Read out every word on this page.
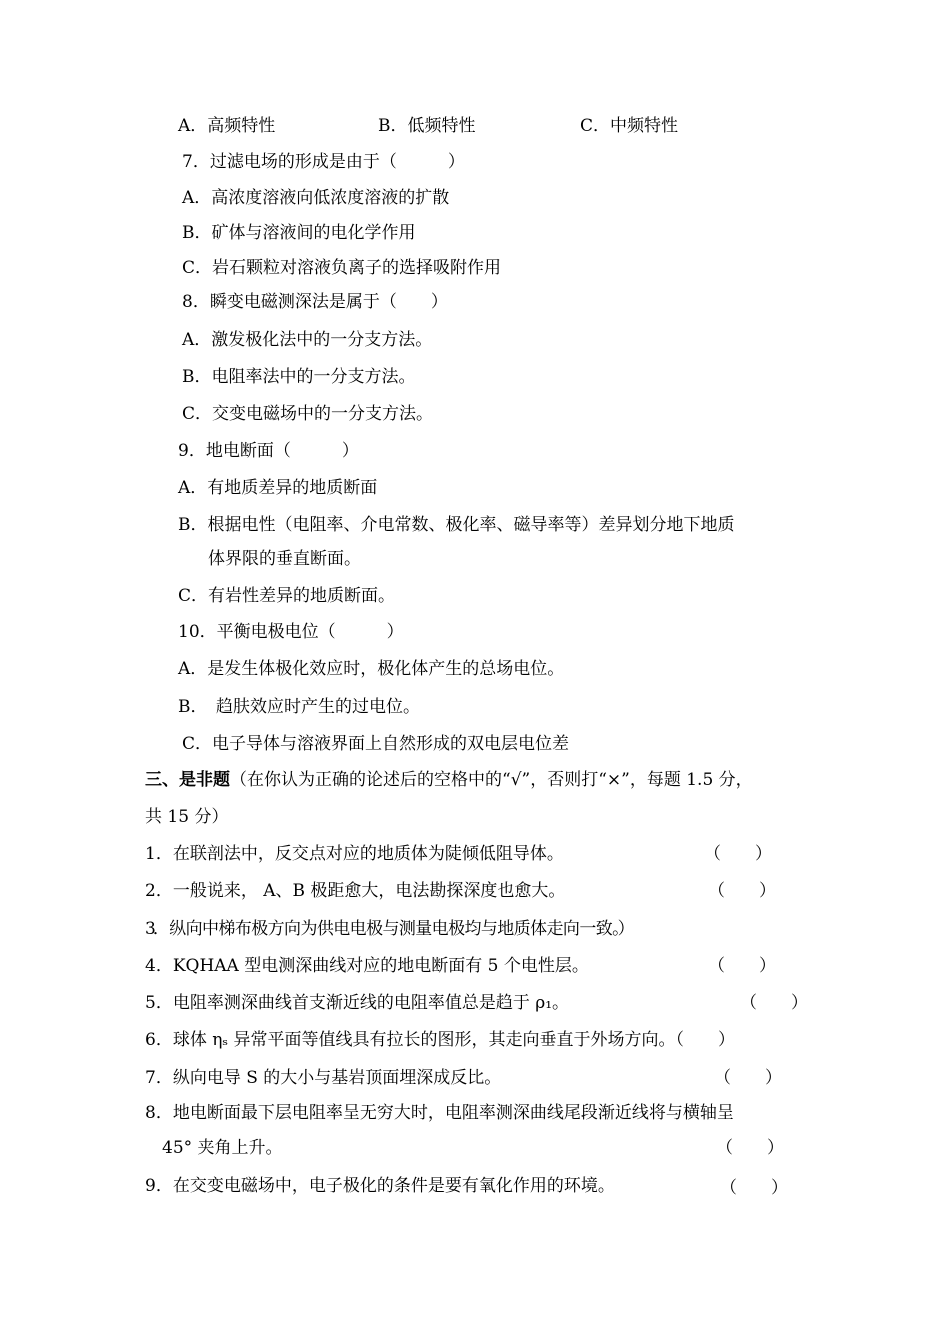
A．高频特性	B．低频特性	C．中频特性
7．过滤电场的形成是由于（　　　）
A．高浓度溶液向低浓度溶液的扩散
B．矿体与溶液间的电化学作用
C．岩石颗粒对溶液负离子的选择吸附作用
8．瞬变电磁测深法是属于（　　）
A．激发极化法中的一分支方法。
B．电阻率法中的一分支方法。
C．交变电磁场中的一分支方法。
9．地电断面（　　　）
A．有地质差异的地质断面
B．根据电性（电阻率、介电常数、极化率、磁导率等）差异划分地下地质
体界限的垂直断面。
C．有岩性差异的地质断面。
10．平衡电极电位（　　　）
A．是发生体极化效应时，极化体产生的总场电位。
B．　趋肤效应时产生的过电位。
C．电子导体与溶液界面上自然形成的双电层电位差
三、是非题（在你认为正确的论述后的空格中的“√”，否则打“×”，每题 1.5 分，
共 15 分）
1．在联剖法中，反交点对应的地质体为陡倾低阻导体。	（　　）
2．一般说来， A、B 极距愈大，电法勘探深度也愈大。	（　　）
3． 纵 向 中 梯 布 极 方 向 为 供 电 电 极 与 测 量 电 极 均 与 地 质 体 走 向 一 致 。）
4．KQHAA 型电测深曲线对应的地电断面有 5 个电性层。	（　　）
5．电阻率测深曲线首支渐近线的电阻率值总是趋于 ρ₁。	（　　）
6．球体 ηₛ 异常平面等值线具有拉长的图形，其走向垂直于外场方向。（　　）
7．纵向电导 S 的大小与基岩顶面埋深成反比。	（　　）
8．地电断面最下层电阻率呈无穷大时，电阻率测深曲线尾段渐近线将与横轴呈
45° 夹角上升。	（　　）
9．在交变电磁场中，电子极化的条件是要有氧化作用的环境。	（　　）
